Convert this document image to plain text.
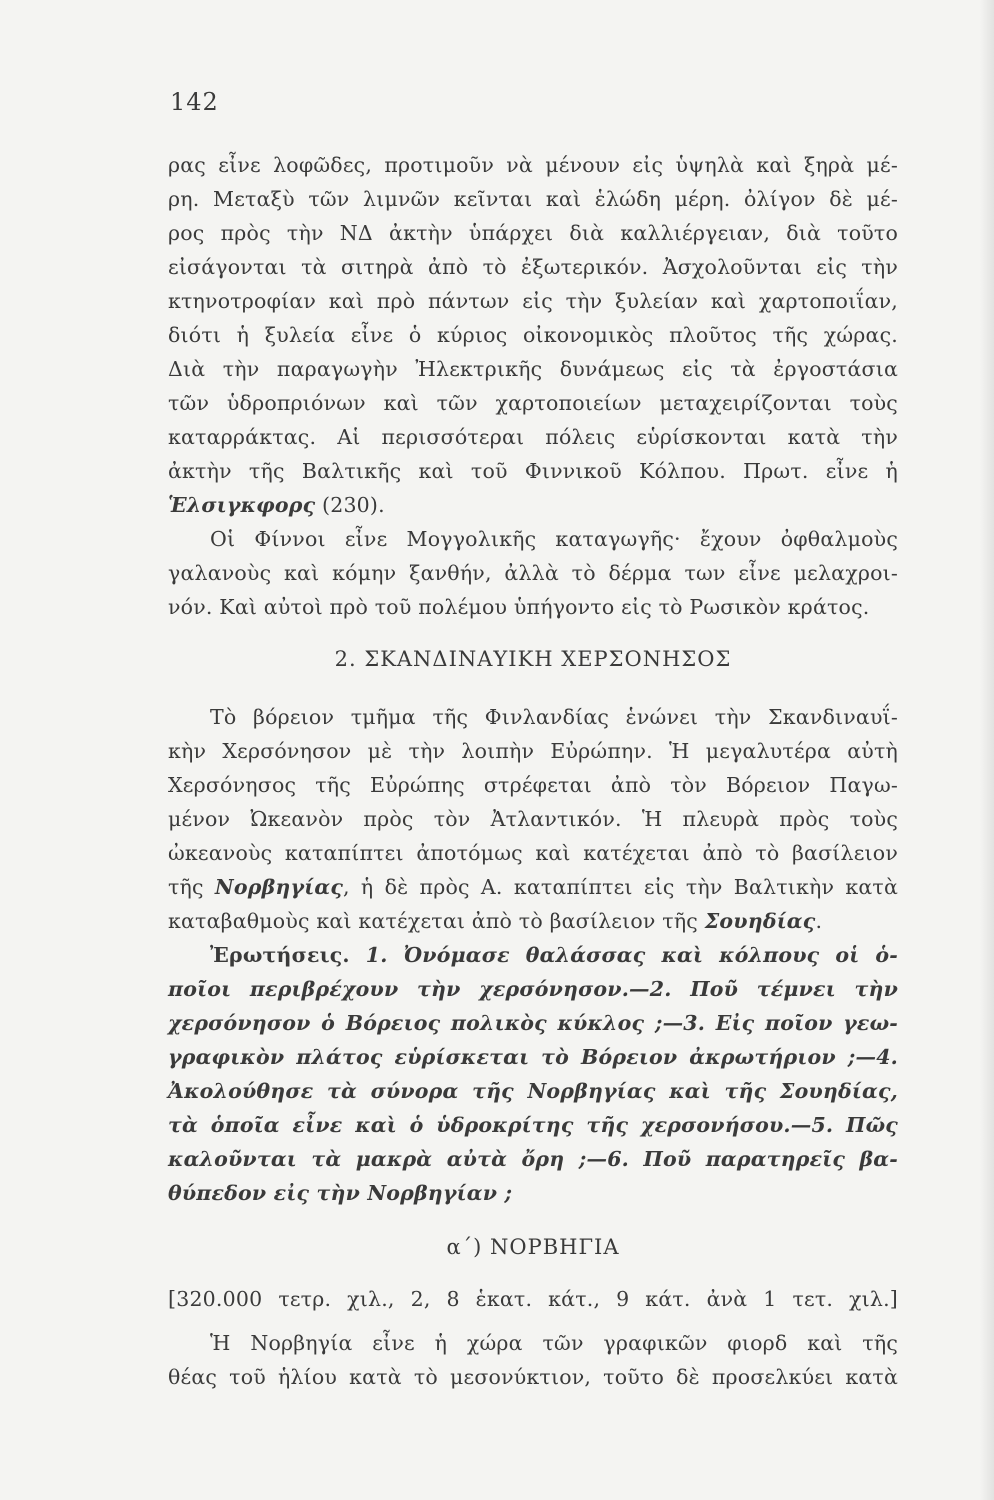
142
ρας εἶνε λοφῶδες, προτιμοῦν νὰ μένουν εἰς ὑψηλὰ καὶ ξηρὰ μέ-
ρη. Μεταξὺ τῶν λιμνῶν κεῖνται καὶ ἑλώδη μέρη. ὀλίγον δὲ μέ-
ρος πρὸς τὴν ΝΔ ἀκτὴν ὑπάρχει διὰ καλλιέργειαν, διὰ τοῦτο
εἰσάγονται τὰ σιτηρὰ ἀπὸ τὸ ἐξωτερικόν. Ἀσχολοῦνται εἰς τὴν
κτηνοτροφίαν καὶ πρὸ πάντων εἰς τὴν ξυλείαν καὶ χαρτοποιΐαν,
διότι ἡ ξυλεία εἶνε ὁ κύριος οἰκονομικὸς πλοῦτος τῆς χώρας.
Διὰ τὴν παραγωγὴν Ἠλεκτρικῆς δυνάμεως εἰς τὰ ἐργοστάσια
τῶν ὑδροπριόνων καὶ τῶν χαρτοποιείων μεταχειρίζονται τοὺς
καταρράκτας. Αἱ περισσότεραι πόλεις εὑρίσκονται κατὰ τὴν
ἀκτὴν τῆς Βαλτικῆς καὶ τοῦ Φιννικοῦ Κόλπου. Πρωτ. εἶνε ἡ
Ἑλσιγκφορς (230).
Οἱ Φίννοι εἶνε Μογγολικῆς καταγωγῆς· ἔχουν ὀφθαλμοὺς
γαλανοὺς καὶ κόμην ξανθήν, ἀλλὰ τὸ δέρμα των εἶνε μελαχροι-
νόν. Καὶ αὐτοὶ πρὸ τοῦ πολέμου ὑπήγοντο εἰς τὸ Ρωσικὸν κράτος.
2. ΣΚΑΝΔΙΝΑΥΙΚΗ ΧΕΡΣΟΝΗΣΟΣ
Τὸ βόρειον τμῆμα τῆς Φινλανδίας ἑνώνει τὴν Σκανδιναυΐ-
κὴν Χερσόνησον μὲ τὴν λοιπὴν Εὐρώπην. Ἡ μεγαλυτέρα αὐτὴ
Χερσόνησος τῆς Εὐρώπης στρέφεται ἀπὸ τὸν Βόρειον Παγω-
μένον Ὠκεανὸν πρὸς τὸν Ἀτλαντικόν. Ἡ πλευρὰ πρὸς τοὺς
ὠκεανοὺς καταπίπτει ἀποτόμως καὶ κατέχεται ἀπὸ τὸ βασίλειον
τῆς Νορβηγίας, ἡ δὲ πρὸς Α. καταπίπτει εἰς τὴν Βαλτικὴν κατὰ
καταβαθμοὺς καὶ κατέχεται ἀπὸ τὸ βασίλειον τῆς Σουηδίας.
Ἐρωτήσεις. 1. Ὀνόμασε θαλάσσας καὶ κόλπους οἱ ὁ-
ποῖοι περιβρέχουν τὴν χερσόνησον.—2. Ποῦ τέμνει τὴν
χερσόνησον ὁ Βόρειος πολικὸς κύκλος ;—3. Εἰς ποῖον γεω-
γραφικὸν πλάτος εὑρίσκεται τὸ Βόρειον ἀκρωτήριον ;—4.
Ἀκολούθησε τὰ σύνορα τῆς Νορβηγίας καὶ τῆς Σουηδίας,
τὰ ὁποῖα εἶνε καὶ ὁ ὑδροκρίτης τῆς χερσονήσου.—5. Πῶς
καλοῦνται τὰ μακρὰ αὐτὰ ὄρη ;—6. Ποῦ παρατηρεῖς βα-
θύπεδον εἰς τὴν Νορβηγίαν ;
α΄) ΝΟΡΒΗΓΙΑ
[320.000 τετρ. χιλ., 2, 8 ἑκατ. κάτ., 9 κάτ. ἀνὰ 1 τετ. χιλ.]
Ἡ Νορβηγία εἶνε ἡ χώρα τῶν γραφικῶν φιορδ καὶ τῆς
θέας τοῦ ἡλίου κατὰ τὸ μεσονύκτιον, τοῦτο δὲ προσελκύει κατὰ
